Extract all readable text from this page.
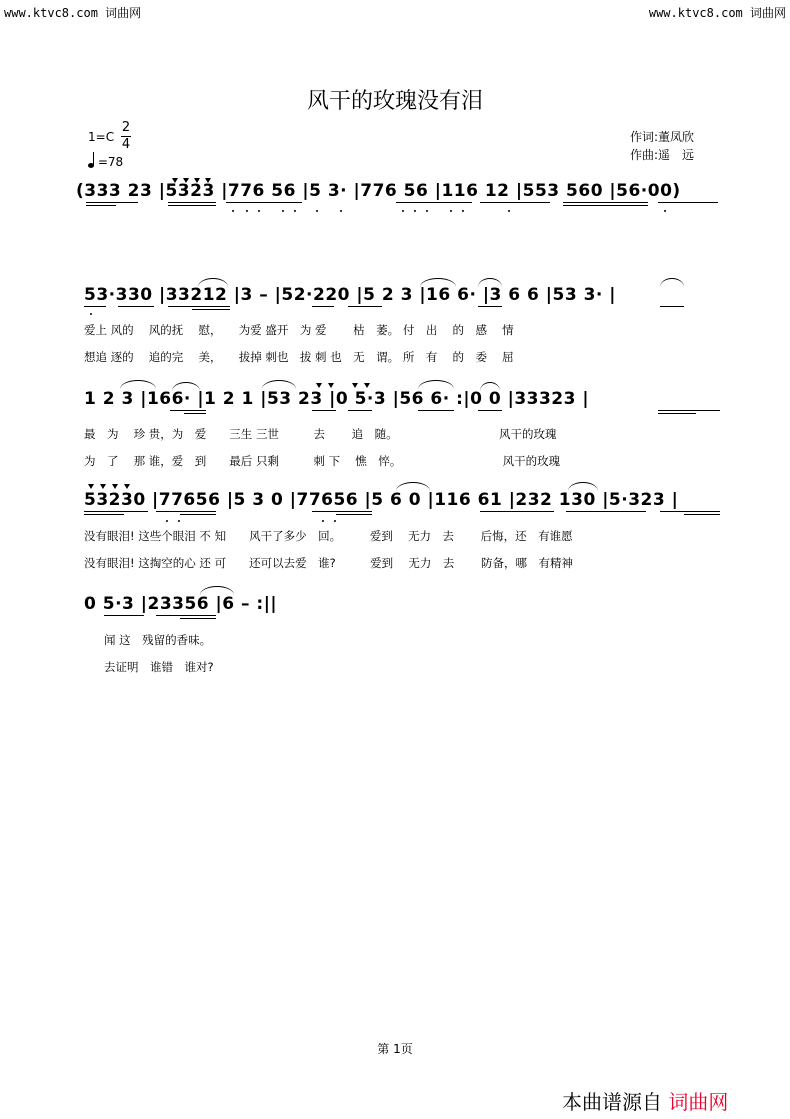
www.ktvc8.com 词曲网	www.ktvc8.com 词曲网
风干的玫瑰没有泪
1=C
2
4
=78
作词:董凤欣
作曲:遥　远
(333 23 |5323 |776 56 |5 3· |776 56 |116 12 |553 560 |56·00)
53·330 |33212 |3 – |52·220 |5 2 3 |16 6· |3 6 6 |53 3· |
爱上 风的　 风的抚　 慰，　　为爱 盛开　为 爱　　 枯　萎。 付　出　 的　感　 情
想追 逐的　 追的完　 美，　　拔掉 刺也　拔 刺 也　无　谓。 所　有　 的　委　 屈
1 2 3 |166· |1 2 1 |53 23 |0 5·3 |56 6· :|0 0 |33323 |
最　为　 珍 贵，为　爱　　三生 三世　　　去　　 追　随。　　　　　　　　　 风干的玫瑰
为　了　 那 谁，爱　到　　最后 只剩　　　刺 下　 憔　悴。　　　　　　　　　 风干的玫瑰
53230 |77656 |5 3 0 |77656 |5 6 0 |116 61 |232 130 |5·323 |
没有眼泪! 这些个眼泪 不 知　　风干了多少　回。　　　爱到　 无力　去　　 后悔，还　有谁愿
没有眼泪! 这掏空的心 还 可　　还可以去爱　谁?　　　爱到　 无力　去　　 防备，哪　有精神
0 5·3 |23356 |6 – :||
闻 这　残留的香味。
去证明　谁错　谁对?
第 1页
本曲谱源自 词曲网
